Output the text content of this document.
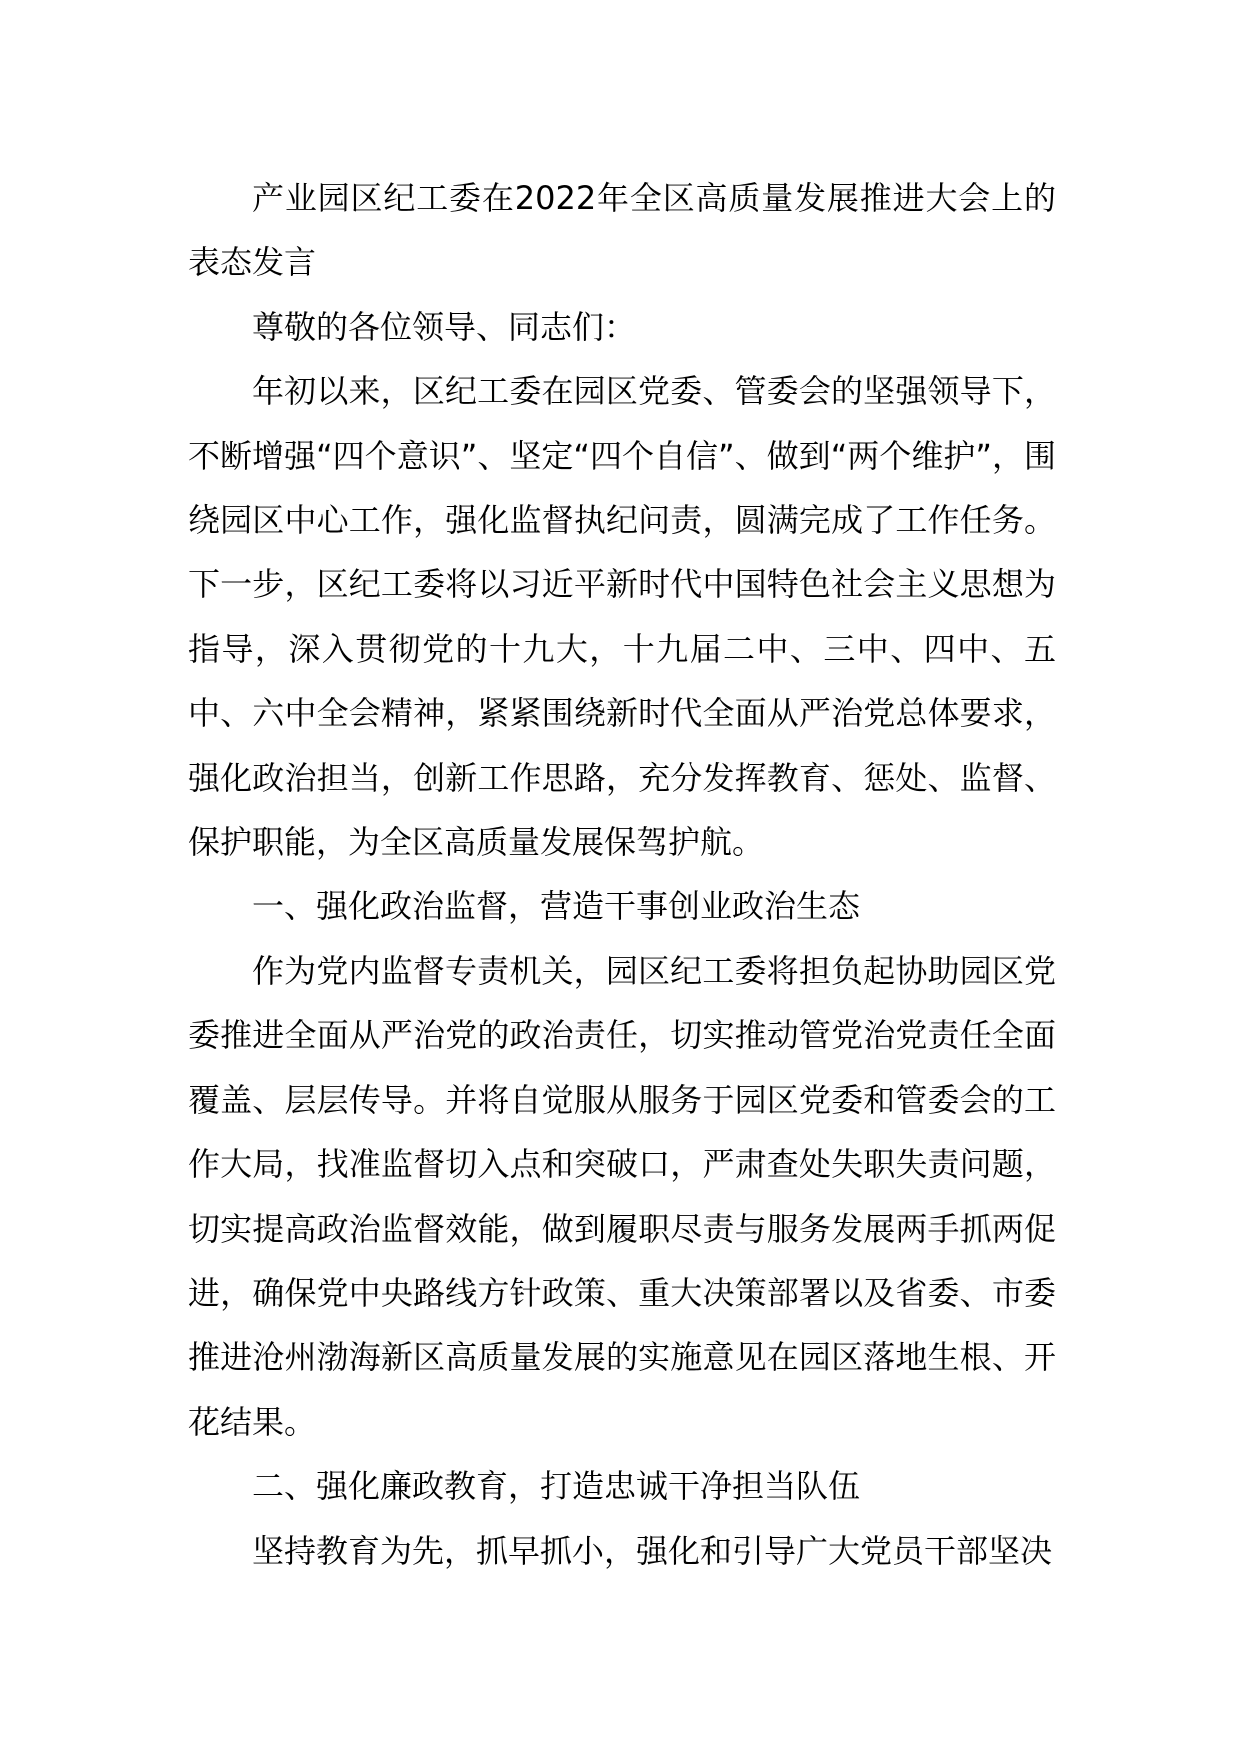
产业园区纪工委在2022年全区高质量发展推进大会上的表态发言

尊敬的各位领导、同志们：

年初以来，区纪工委在园区党委、管委会的坚强领导下，不断增强“四个意识”、坚定“四个自信”、做到“两个维护”，围绕园区中心工作，强化监督执纪问责，圆满完成了工作任务。下一步，区纪工委将以习近平新时代中国特色社会主义思想为指导，深入贯彻党的十九大，十九届二中、三中、四中、五中、六中全会精神，紧紧围绕新时代全面从严治党总体要求，强化政治担当，创新工作思路，充分发挥教育、惩处、监督、保护职能，为全区高质量发展保驾护航。

一、强化政治监督，营造干事创业政治生态

作为党内监督专责机关，园区纪工委将担负起协助园区党委推进全面从严治党的政治责任，切实推动管党治党责任全面覆盖、层层传导。并将自觉服从服务于园区党委和管委会的工作大局，找准监督切入点和突破口，严肃查处失职失责问题，切实提高政治监督效能，做到履职尽责与服务发展两手抓两促进，确保党中央路线方针政策、重大决策部署以及省委、市委推进沧州渤海新区高质量发展的实施意见在园区落地生根、开花结果。

二、强化廉政教育，打造忠诚干净担当队伍

坚持教育为先，抓早抓小，强化和引导广大党员干部坚决
